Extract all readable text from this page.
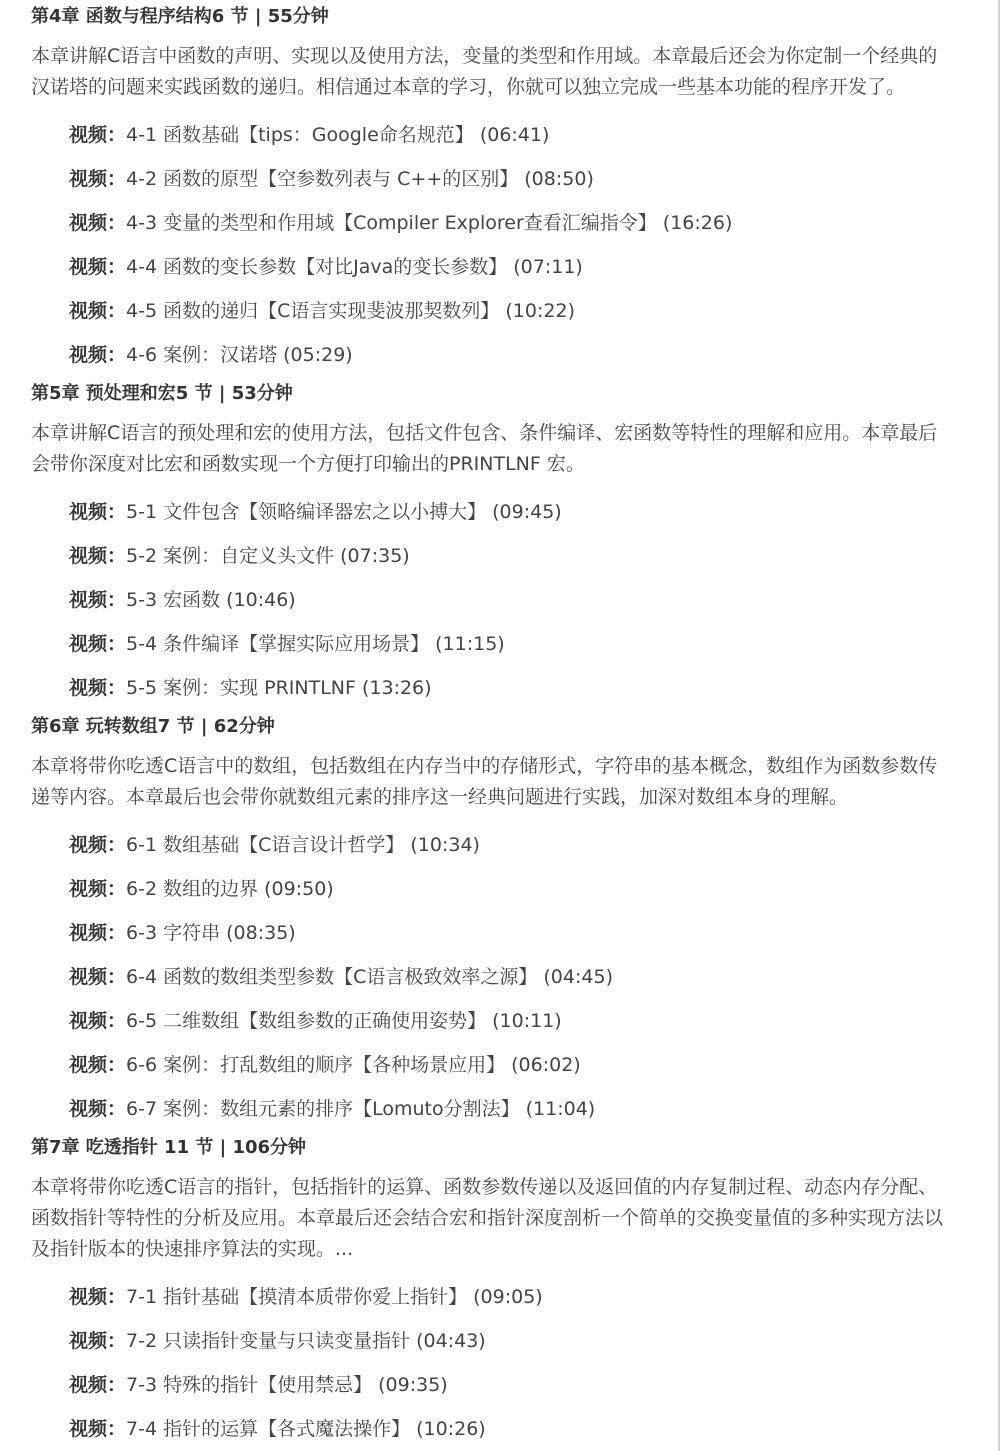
第4章 函数与程序结构6 节 | 55分钟

本章讲解C语言中函数的声明、实现以及使用方法，变量的类型和作用域。本章最后还会为你定制一个经典的汉诺塔的问题来实践函数的递归。相信通过本章的学习，你就可以独立完成一些基本功能的程序开发了。

视频：4-1 函数基础【tips：Google命名规范】 (06:41)
视频：4-2 函数的原型【空参数列表与 C++的区别】 (08:50)
视频：4-3 变量的类型和作用域【Compiler Explorer查看汇编指令】 (16:26)
视频：4-4 函数的变长参数【对比Java的变长参数】 (07:11)
视频：4-5 函数的递归【C语言实现斐波那契数列】 (10:22)
视频：4-6 案例：汉诺塔 (05:29)
第5章 预处理和宏5 节 | 53分钟

本章讲解C语言的预处理和宏的使用方法，包括文件包含、条件编译、宏函数等特性的理解和应用。本章最后会带你深度对比宏和函数实现一个方便打印输出的PRINTLNF 宏。

视频：5-1 文件包含【领略编译器宏之以小搏大】 (09:45)
视频：5-2 案例：自定义头文件 (07:35)
视频：5-3 宏函数 (10:46)
视频：5-4 条件编译【掌握实际应用场景】 (11:15)
视频：5-5 案例：实现 PRINTLNF (13:26)
第6章 玩转数组7 节 | 62分钟

本章将带你吃透C语言中的数组，包括数组在内存当中的存储形式，字符串的基本概念，数组作为函数参数传递等内容。本章最后也会带你就数组元素的排序这一经典问题进行实践，加深对数组本身的理解。

视频：6-1 数组基础【C语言设计哲学】 (10:34)
视频：6-2 数组的边界 (09:50)
视频：6-3 字符串 (08:35)
视频：6-4 函数的数组类型参数【C语言极致效率之源】 (04:45)
视频：6-5 二维数组【数组参数的正确使用姿势】 (10:11)
视频：6-6 案例：打乱数组的顺序【各种场景应用】 (06:02)
视频：6-7 案例：数组元素的排序【Lomuto分割法】 (11:04)
第7章 吃透指针 11 节 | 106分钟

本章将带你吃透C语言的指针，包括指针的运算、函数参数传递以及返回值的内存复制过程、动态内存分配、函数指针等特性的分析及应用。本章最后还会结合宏和指针深度剖析一个简单的交换变量值的多种实现方法以及指针版本的快速排序算法的实现。...

视频：7-1 指针基础【摸清本质带你爱上指针】 (09:05)
视频：7-2 只读指针变量与只读变量指针 (04:43)
视频：7-3 特殊的指针【使用禁忌】 (09:35)
视频：7-4 指针的运算【各式魔法操作】 (10:26)
